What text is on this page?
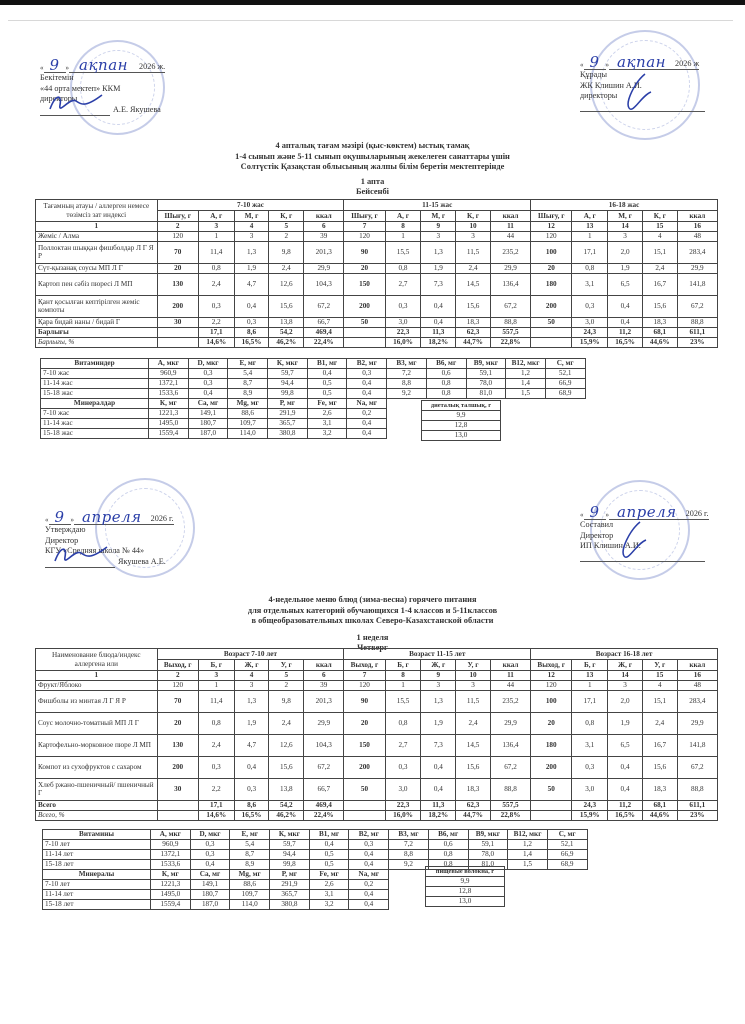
« 9 » ақпан	2026 ж.
Бекітемін
«44 орта мектеп» ККМ
директоры
А.Е. Якушева
« 9 » ақпан	2026 ж
Құрады
ЖК Клишин А.И.
директоры
4 апталық тағам мәзірі (қыс-көктем) ыстық тамақ
1-4 сынып және 5-11 сынып оқушыларының жекелеген санаттары үшін
Солтүстік Қазақстан облысының жалпы білім беретін мектептерінде
1 апта
Бейсенбі
Тағамның атауы / аллерген немесе төзімсіз зат индексі	7-10 жас					11-15 жас					16-18 жас				
	Шығу, г	А, г	М, г	К, г	ккал	Шығу, г	А, г	М, г	К, г	ккал	Шығу, г	А, г	М, г	К, г	ккал
1	2	3	4	5	6	7	8	9	10	11	12	13	14	15	16
Жеміс / Алма	120	1	3	2	39	120	1	3	3	44	120	1	3	4	48
Поллоктан шыққан фишболдар Л Г Я Р	70	11,4	1,3	9,8	201,3	90	15,5	1,3	11,5	235,2	100	17,1	2,0	15,1	283,4
Сүт-қызанақ соусы МП Л Г	20	0,8	1,9	2,4	29,9	20	0,8	1,9	2,4	29,9	20	0,8	1,9	2,4	29,9
Картоп пен сәбіз пюресі Л МП	130	2,4	4,7	12,6	104,3	150	2,7	7,3	14,5	136,4	180	3,1	6,5	16,7	141,8
Қант қосылған кептірілген жеміс компоты	200	0,3	0,4	15,6	67,2	200	0,3	0,4	15,6	67,2	200	0,3	0,4	15,6	67,2
Қара бидай наны / бидай Г	30	2,2	0,3	13,8	66,7	50	3,0	0,4	18,3	88,8	50	3,0	0,4	18,3	88,8
Барлығы		17,1	8,6	54,2	469,4		22,3	11,3	62,3	557,5		24,3	11,2	68,1	611,1
Барлығы, %		14,6%	16,5%	46,2%	22,4%		16,0%	18,2%	44,7%	22,8%		15,9%	16,5%	44,6%	23%
Витаминдер	А, мкг	D, мкг	Е, мг	К, мкг	В1, мг	В2, мг	В3, мг	В6, мг	В9, мкг	В12, мкг	С, мг
7-10 жас	960,9	0,3	5,4	59,7	0,4	0,3	7,2	0,6	59,1	1,2	52,1
11-14 жас	1372,1	0,3	8,7	94,4	0,5	0,4	8,8	0,8	78,0	1,4	66,9
15-18 жас	1533,6	0,4	8,9	99,8	0,5	0,4	9,2	0,8	81,0	1,5	68,9
Минералдар	К, мг	Са, мг	Mg, мг	Р, мг	Fe, мг	Na, мг					
7-10 жас	1221,3	149,1	88,6	291,9	2,6	0,2					
11-14 жас	1495,0	180,7	109,7	365,7	3,1	0,4					
15-18 жас	1559,4	187,0	114,0	380,8	3,2	0,4					
диеталық талшық, г
9,9
12,8
13,0
« 9 » апреля	2026 г.
Утверждаю
Директор
КГУ «Средняя школа № 44»
Якушева А.Е.
« 9 » апреля	2026 г.
Составил
Директор
ИП Клишин А.И.
4-недельное меню блюд (зима-весна) горячего питания
для отдельных категорий обучающихся 1-4 классов и 5-11классов
в общеобразовательных школах Северо-Казахстанской области
1 неделя
Четверг
Наименование блюда/индекс аллергена или	Возраст 7-10 лет					Возраст 11-15 лет					Возраст 16-18 лет				
	Выход, г	Б, г	Ж, г	У, г	ккал	Выход, г	Б, г	Ж, г	У, г	ккал	Выход, г	Б, г	Ж, г	У, г	ккал
1	2	3	4	5	6	7	8	9	10	11	12	13	14	15	16
Фрукт/Яблоко	120	1	3	2	39	120	1	3	3	44	120	1	3	4	48
Фишболы из минтая Л Г Я Р	70	11,4	1,3	9,8	201,3	90	15,5	1,3	11,5	235,2	100	17,1	2,0	15,1	283,4
Соус молочно-томатный МП Л Г	20	0,8	1,9	2,4	29,9	20	0,8	1,9	2,4	29,9	20	0,8	1,9	2,4	29,9
Картофельно-морковное пюре Л МП	130	2,4	4,7	12,6	104,3	150	2,7	7,3	14,5	136,4	180	3,1	6,5	16,7	141,8
Компот из сухофруктов с сахаром	200	0,3	0,4	15,6	67,2	200	0,3	0,4	15,6	67,2	200	0,3	0,4	15,6	67,2
Хлеб ржано-пшеничный/ пшеничный Г	30	2,2	0,3	13,8	66,7	50	3,0	0,4	18,3	88,8	50	3,0	0,4	18,3	88,8
Всего		17,1	8,6	54,2	469,4		22,3	11,3	62,3	557,5		24,3	11,2	68,1	611,1
Всего, %		14,6%	16,5%	46,2%	22,4%		16,0%	18,2%	44,7%	22,8%		15,9%	16,5%	44,6%	23%
Витамины	А, мкг	D, мкг	Е, мг	К, мкг	В1, мг	В2, мг	В3, мг	В6, мг	В9, мкг	В12, мкг	С, мг
7-10 лет	960,9	0,3	5,4	59,7	0,4	0,3	7,2	0,6	59,1	1,2	52,1
11-14 лет	1372,1	0,3	8,7	94,4	0,5	0,4	8,8	0,8	78,0	1,4	66,9
15-18 лет	1533,6	0,4	8,9	99,8	0,5	0,4	9,2	0,8	81,0	1,5	68,9
Минералы	К, мг	Са, мг	Mg, мг	Р, мг	Fe, мг	Na, мг					
7-10 лет	1221,3	149,1	88,6	291,9	2,6	0,2					
11-14 лет	1495,0	180,7	109,7	365,7	3,1	0,4					
15-18 лет	1559,4	187,0	114,0	380,8	3,2	0,4					
пищевые волокна, г
9,9
12,8
13,0
